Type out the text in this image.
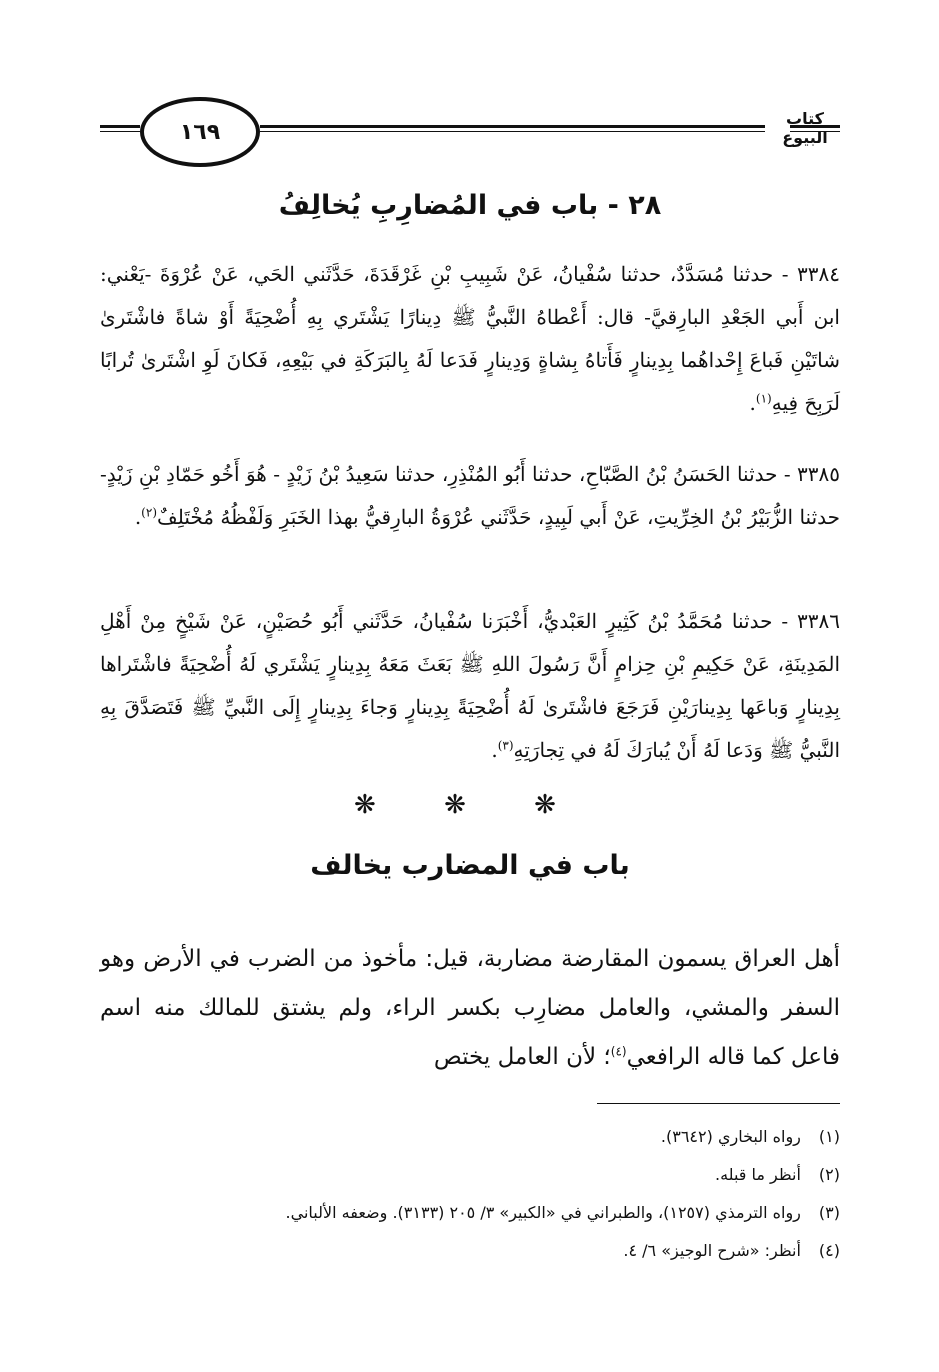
كتاب البيوع
١٦٩
٢٨ - باب في المُضارِبِ يُخالِفُ
٣٣٨٤ - حدثنا مُسَدَّدٌ، حدثنا سُفْيانُ، عَنْ شَبِيبِ بْنِ غَرْقَدَةَ، حَدَّثَني الحَي، عَنْ عُرْوَةَ -يَعْني: ابن أَبي الجَعْدِ البارِقيَّ- قال: أَعْطاهُ النَّبيُّ ﷺ دِينارًا يَشْتَري بِهِ أُضْحِيَةً أَوْ شاةً فاشْتَرىٰ شاتَيْنِ فَباعَ إِحْداهُما بِدِينارٍ فَأَتاهُ بِشاةٍ وَدِينارٍ فَدَعا لَهُ بِالبَرَكَةِ في بَيْعِهِ، فَكانَ لَوِ اشْتَرىٰ تُرابًا لَرَبِحَ فِيهِ$^{(١)}$.
٣٣٨٥ - حدثنا الحَسَنُ بْنُ الصَّبّاحِ، حدثنا أَبُو المُنْذِرِ، حدثنا سَعِيدُ بْنُ زَيْدٍ - هُوَ أَخُو حَمّادِ بْنِ زَيْدٍ- حدثنا الزُّبَيْرُ بْنُ الخِرِّيتِ، عَنْ أَبي لَبِيدٍ، حَدَّثَني عُرْوَةُ البارِقيُّ بهذا الخَبَرِ وَلَفْظُهُ مُخْتَلِفٌ$^{(٢)}$.
٣٣٨٦ - حدثنا مُحَمَّدُ بْنُ كَثِيرٍ العَبْديُّ، أَخْبَرَنا سُفْيانُ، حَدَّثَني أَبُو حُصَيْنٍ، عَنْ شَيْخٍ مِنْ أَهْلِ المَدِينَةِ، عَنْ حَكِيمِ بْنِ حِزامٍ أَنَّ رَسُولَ اللهِ ﷺ بَعَثَ مَعَهُ بِدِينارٍ يَشْتَري لَهُ أُضْحِيَةً فاشْتَراها بِدِينارٍ وَباعَها بِدِينارَيْنِ فَرَجَعَ فاشْتَرىٰ لَهُ أُضْحِيَةً بِدِينارٍ وَجاءَ بِدِينارٍ إِلَى النَّبيِّ ﷺ فَتَصَدَّقَ بِهِ النَّبيُّ ﷺ وَدَعا لَهُ أَنْ يُبارَكَ لَهُ في تِجارَتِهِ$^{(٣)}$.
❋ ❋ ❋
باب في المضارب يخالف
أهل العراق يسمون المقارضة مضاربة، قيل: مأخوذ من الضرب في الأرض وهو السفر والمشي، والعامل مضارِب بكسر الراء، ولم يشتق للمالك منه اسم فاعل كما قاله الرافعي$^{(٤)}$؛ لأن العامل يختص
(١) رواه البخاري (٣٦٤٢).
(٢) أنظر ما قبله.
(٣) رواه الترمذي (١٢٥٧)، والطبراني في «الكبير» ٣/ ٢٠٥ (٣١٣٣). وضعفه الألباني.
(٤) أنظر: «شرح الوجيز» ٦/ ٤.
